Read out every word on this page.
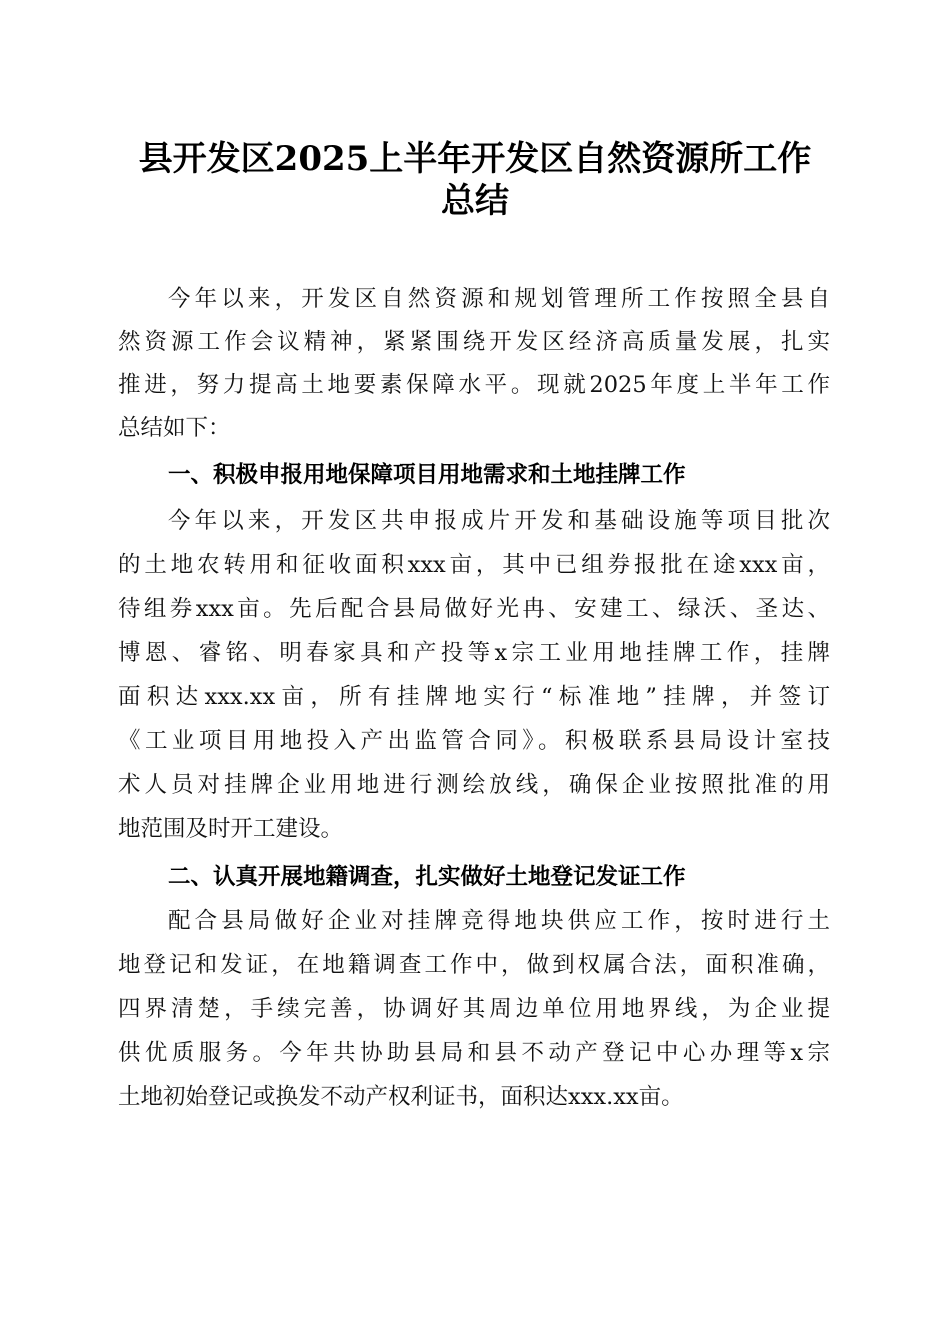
县开发区2025上半年开发区自然资源所工作
总结
今年以来，开发区自然资源和规划管理所工作按照全县自
然资源工作会议精神，紧紧围绕开发区经济高质量发展，扎实
推进，努力提高土地要素保障水平。现就2025年度上半年工作
总结如下：
一、积极申报用地保障项目用地需求和土地挂牌工作
今年以来，开发区共申报成片开发和基础设施等项目批次
的土地农转用和征收面积xxx亩，其中已组券报批在途xxx亩，
待组券xxx亩。先后配合县局做好光冉、安建工、绿沃、圣达、
博恩、睿铭、明春家具和产投等x宗工业用地挂牌工作，挂牌
面积达xxx.xx亩，所有挂牌地实行“标准地”挂牌，并签订
《工业项目用地投入产出监管合同》。积极联系县局设计室技
术人员对挂牌企业用地进行测绘放线，确保企业按照批准的用
地范围及时开工建设。
二、认真开展地籍调查，扎实做好土地登记发证工作
配合县局做好企业对挂牌竞得地块供应工作，按时进行土
地登记和发证，在地籍调查工作中，做到权属合法，面积准确，
四界清楚，手续完善，协调好其周边单位用地界线，为企业提
供优质服务。今年共协助县局和县不动产登记中心办理等x宗
土地初始登记或换发不动产权利证书，面积达xxx.xx亩。
